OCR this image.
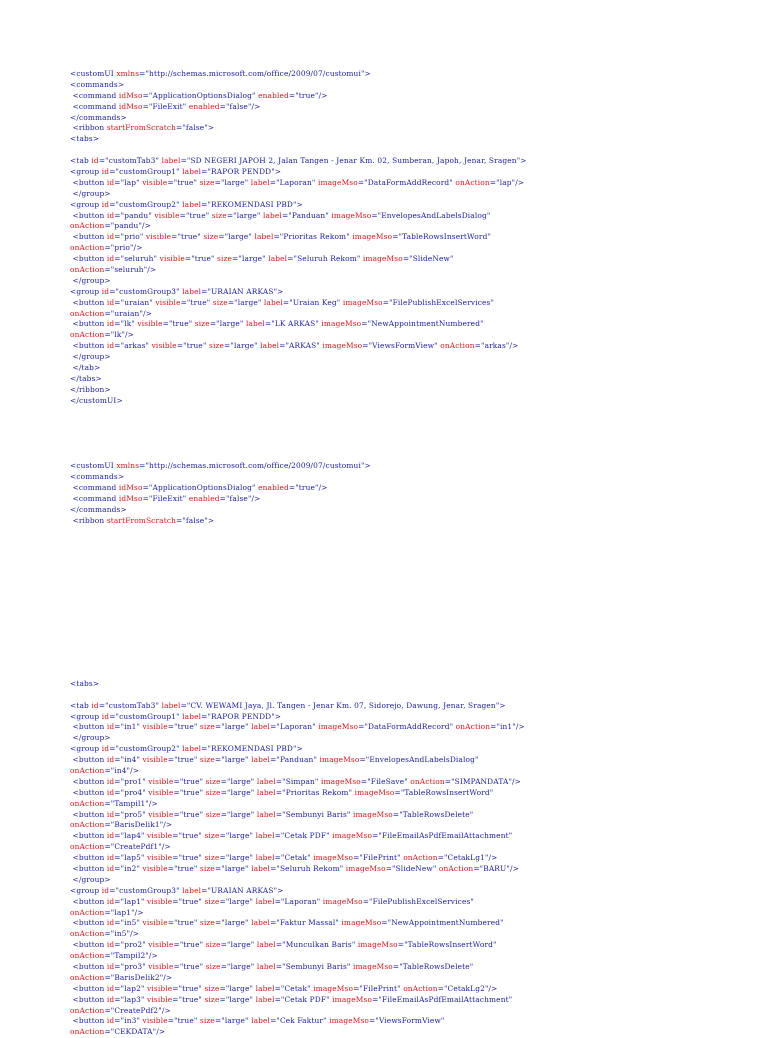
<customUI xmlns="http://schemas.microsoft.com/office/2009/07/customui">
<commands>
<command idMso="ApplicationOptionsDialog" enabled="true"/>
<command idMso="FileExit" enabled="false"/>
</commands>
<ribbon startFromScratch="false">
<tabs>
<tab id="customTab3" label="SD NEGERI JAPOH 2, Jalan Tangen - Jenar Km. 02, Sumberan, Japoh, Jenar, Sragen">
<group id="customGroup1" label="RAPOR PENDD">
<button id="lap" visible="true" size="large" label="Laporan" imageMso="DataFormAddRecord" onAction="lap"/>
</group>
<group id="customGroup2" label="REKOMENDASI PBD">
<button id="pandu" visible="true" size="large" label="Panduan" imageMso="EnvelopesAndLabelsDialog"
onAction="pandu"/>
<button id="prio" visible="true" size="large" label="Prioritas Rekom" imageMso="TableRowsInsertWord"
onAction="prio"/>
<button id="seluruh" visible="true" size="large" label="Seluruh Rekom" imageMso="SlideNew"
onAction="seluruh"/>
</group>
<group id="customGroup3" label="URAIAN ARKAS">
<button id="uraian" visible="true" size="large" label="Uraian Keg" imageMso="FilePublishExcelServices"
onAction="uraian"/>
<button id="lk" visible="true" size="large" label="LK ARKAS" imageMso="NewAppointmentNumbered"
onAction="lk"/>
<button id="arkas" visible="true" size="large" label="ARKAS" imageMso="ViewsFormView" onAction="arkas"/>
</group>
</tab>
</tabs>
</ribbon>
</customUI>
<customUI xmlns="http://schemas.microsoft.com/office/2009/07/customui">
<commands>
<command idMso="ApplicationOptionsDialog" enabled="true"/>
<command idMso="FileExit" enabled="false"/>
</commands>
<ribbon startFromScratch="false">
<tabs>
<tab id="customTab3" label="CV. WEWAMI Jaya, Jl. Tangen - Jenar Km. 07, Sidorejo, Dawung, Jenar, Sragen">
<group id="customGroup1" label="RAPOR PENDD">
<button id="in1" visible="true" size="large" label="Laporan" imageMso="DataFormAddRecord" onAction="in1"/>
</group>
<group id="customGroup2" label="REKOMENDASI PBD">
<button id="in4" visible="true" size="large" label="Panduan" imageMso="EnvelopesAndLabelsDialog"
onAction="in4"/>
<button id="pro1" visible="true" size="large" label="Simpan" imageMso="FileSave" onAction="SIMPANDATA"/>
<button id="pro4" visible="true" size="large" label="Prioritas Rekom" imageMso="TableRowsInsertWord"
onAction="Tampil1"/>
<button id="pro5" visible="true" size="large" label="Sembunyi Baris" imageMso="TableRowsDelete"
onAction="BarisDelik1"/>
<button id="lap4" visible="true" size="large" label="Cetak PDF" imageMso="FileEmailAsPdfEmailAttachment"
onAction="CreatePdf1"/>
<button id="lap5" visible="true" size="large" label="Cetak" imageMso="FilePrint" onAction="CetakLg1"/>
<button id="in2" visible="true" size="large" label="Seluruh Rekom" imageMso="SlideNew" onAction="BARU"/>
</group>
<group id="customGroup3" label="URAIAN ARKAS">
<button id="lap1" visible="true" size="large" label="Laporan" imageMso="FilePublishExcelServices"
onAction="lap1"/>
<button id="in5" visible="true" size="large" label="Faktur Massal" imageMso="NewAppointmentNumbered"
onAction="in5"/>
<button id="pro2" visible="true" size="large" label="Munculkan Baris" imageMso="TableRowsInsertWord"
onAction="Tampil2"/>
<button id="pro3" visible="true" size="large" label="Sembunyi Baris" imageMso="TableRowsDelete"
onAction="BarisDelik2"/>
<button id="lap2" visible="true" size="large" label="Cetak" imageMso="FilePrint" onAction="CetakLg2"/>
<button id="lap3" visible="true" size="large" label="Cetak PDF" imageMso="FileEmailAsPdfEmailAttachment"
onAction="CreatePdf2"/>
<button id="in3" visible="true" size="large" label="Cek Faktur" imageMso="ViewsFormView"
onAction="CEKDATA"/>
